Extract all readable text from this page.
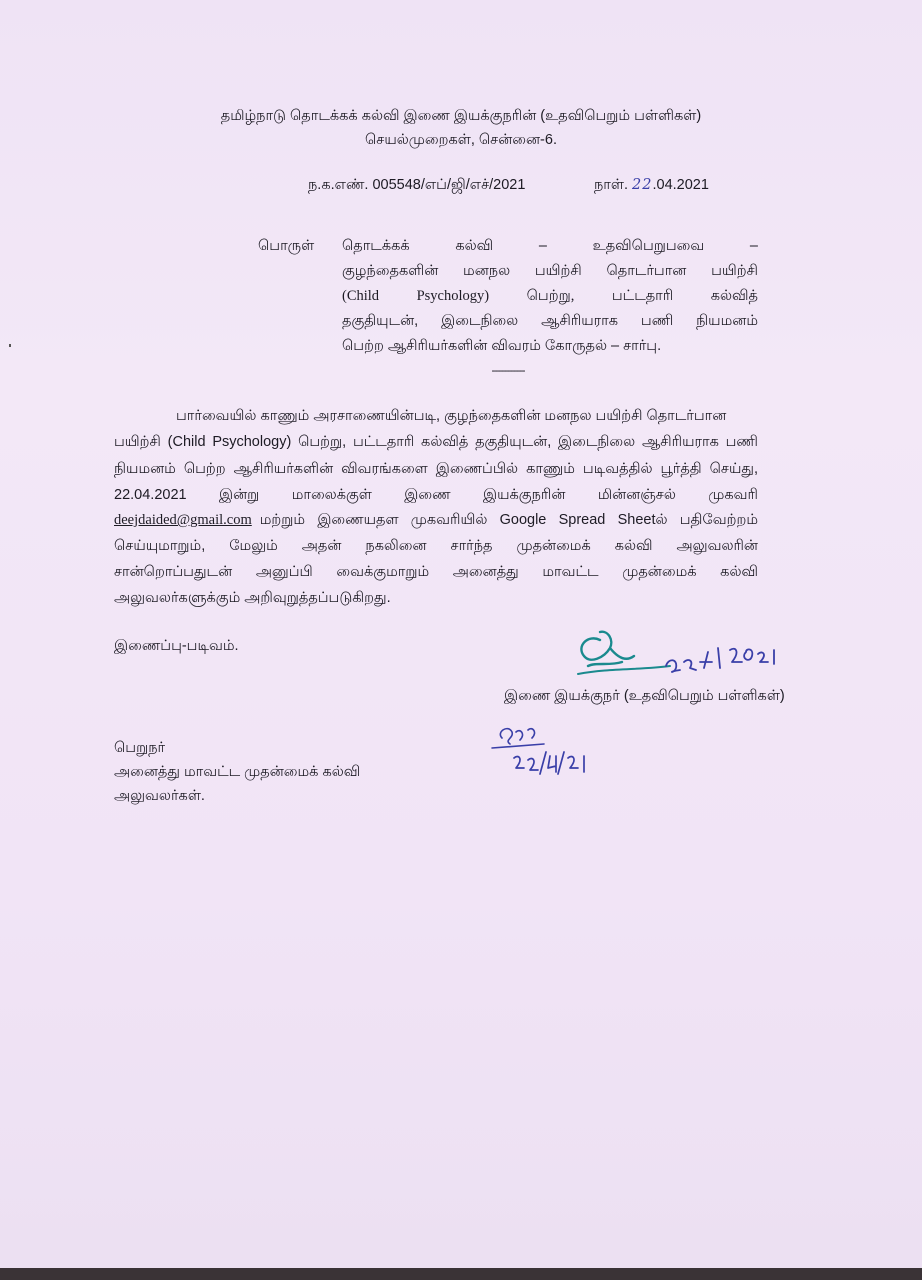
தமிழ்நாடு தொடக்கக் கல்வி இணை இயக்குநரின் (உதவிபெறும் பள்ளிகள்)
செயல்முறைகள், சென்னை-6.
ந.க.எண். 005548/எப்/ஜி/எச்/2021	நாள். 22.04.2021
பொருள் தொடக்கக் கல்வி – உதவிபெறுபவை –
குழந்தைகளின் மனநல பயிற்சி தொடர்பான பயிற்சி
(Child Psychology) பெற்று, பட்டதாரி கல்வித்
தகுதியுடன், இடைநிலை ஆசிரியராக பணி நியமனம்
பெற்ற ஆசிரியர்களின் விவரம் கோருதல் – சார்பு.
-----------
பார்வையில் காணும் அரசாணையின்படி, குழந்தைகளின் மனநல பயிற்சி தொடர்பான
பயிற்சி (Child Psychology) பெற்று, பட்டதாரி கல்வித் தகுதியுடன், இடைநிலை ஆசிரியராக பணி
நியமனம் பெற்ற ஆசிரியர்களின் விவரங்களை இணைப்பில் காணும் படிவத்தில் பூர்த்தி செய்து,
22.04.2021 இன்று மாலைக்குள் இணை இயக்குநரின் மின்னஞ்சல் முகவரி
deejdaided@gmail.com மற்றும் இணையதள முகவரியில் Google Spread Sheetல் பதிவேற்றம்
செய்யுமாறும், மேலும் அதன் நகலினை சார்ந்த முதன்மைக் கல்வி அலுவலரின்
சான்றொப்பதுடன் அனுப்பி வைக்குமாறும் அனைத்து மாவட்ட முதன்மைக் கல்வி
அலுவலர்களுக்கும் அறிவுறுத்தப்படுகிறது.
இணைப்பு-படிவம்.
இணை இயக்குநர் (உதவிபெறும் பள்ளிகள்)
பெறுநர்
அனைத்து மாவட்ட முதன்மைக் கல்வி
அலுவலர்கள்.
